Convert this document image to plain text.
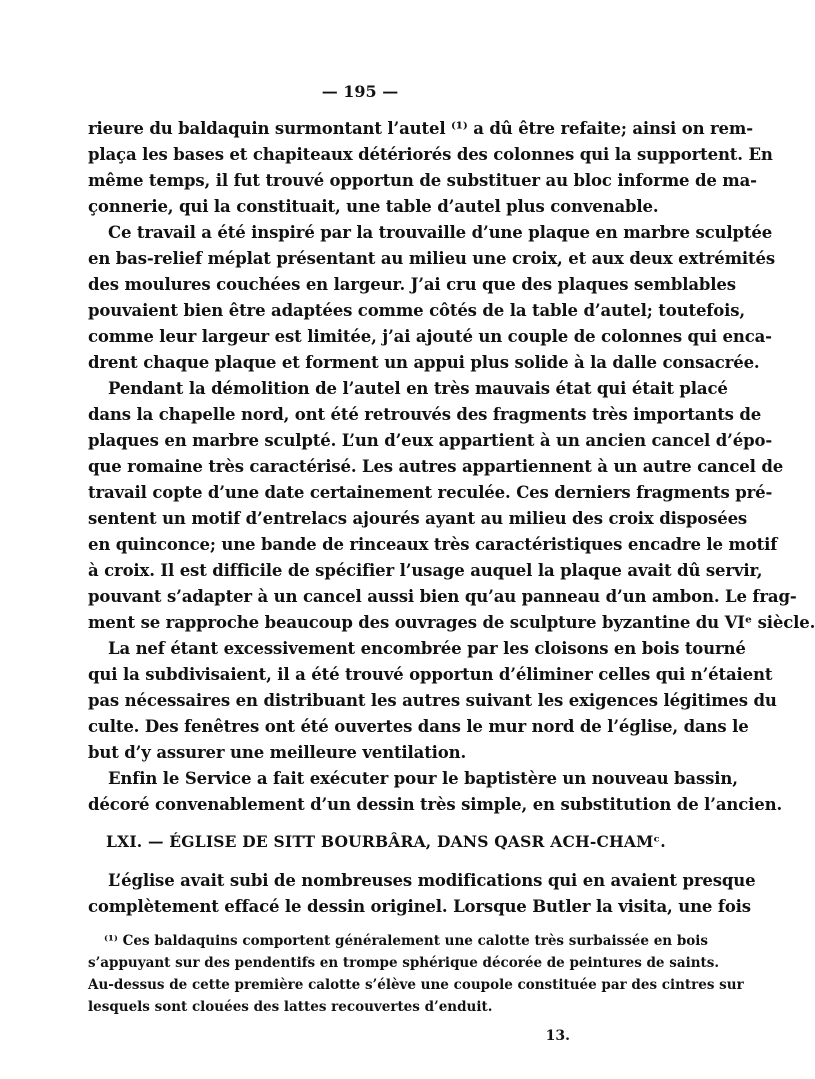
— 195 —
rieure du baldaquin surmontant l’autel ⁽¹⁾ a dû être refaite; ainsi on rem-
plaça les bases et chapiteaux détériorés des colonnes qui la supportent. En
même temps, il fut trouvé opportun de substituer au bloc informe de ma-
çonnerie, qui la constituait, une table d’autel plus convenable.
Ce travail a été inspiré par la trouvaille d’une plaque en marbre sculptée
en bas-relief méplat présentant au milieu une croix, et aux deux extrémités
des moulures couchées en largeur. J’ai cru que des plaques semblables
pouvaient bien être adaptées comme côtés de la table d’autel; toutefois,
comme leur largeur est limitée, j’ai ajouté un couple de colonnes qui enca-
drent chaque plaque et forment un appui plus solide à la dalle consacrée.
Pendant la démolition de l’autel en très mauvais état qui était placé
dans la chapelle nord, ont été retrouvés des fragments très importants de
plaques en marbre sculpté. L’un d’eux appartient à un ancien cancel d’épo-
que romaine très caractérisé. Les autres appartiennent à un autre cancel de
travail copte d’une date certainement reculée. Ces derniers fragments pré-
sentent un motif d’entrelacs ajourés ayant au milieu des croix disposées
en quinconce; une bande de rinceaux très caractéristiques encadre le motif
à croix. Il est difficile de spécifier l’usage auquel la plaque avait dû servir,
pouvant s’adapter à un cancel aussi bien qu’au panneau d’un ambon. Le frag-
ment se rapproche beaucoup des ouvrages de sculpture byzantine du VIᵉ siècle.
La nef étant excessivement encombrée par les cloisons en bois tourné
qui la subdivisaient, il a été trouvé opportun d’éliminer celles qui n’étaient
pas nécessaires en distribuant les autres suivant les exigences légitimes du
culte. Des fenêtres ont été ouvertes dans le mur nord de l’église, dans le
but d’y assurer une meilleure ventilation.
Enfin le Service a fait exécuter pour le baptistère un nouveau bassin,
décoré convenablement d’un dessin très simple, en substitution de l’ancien.
LXI. — ÉGLISE DE SITT BOURBÂRA, DANS QASR ACH-CHAMᶜ.
L’église avait subi de nombreuses modifications qui en avaient presque
complètement effacé le dessin originel. Lorsque Butler la visita, une fois
⁽¹⁾ Ces baldaquins comportent généralement une calotte très surbaissée en bois
s’appuyant sur des pendentifs en trompe sphérique décorée de peintures de saints.
Au-dessus de cette première calotte s’élève une coupole constituée par des cintres sur
lesquels sont clouées des lattes recouvertes d’enduit.
13.
